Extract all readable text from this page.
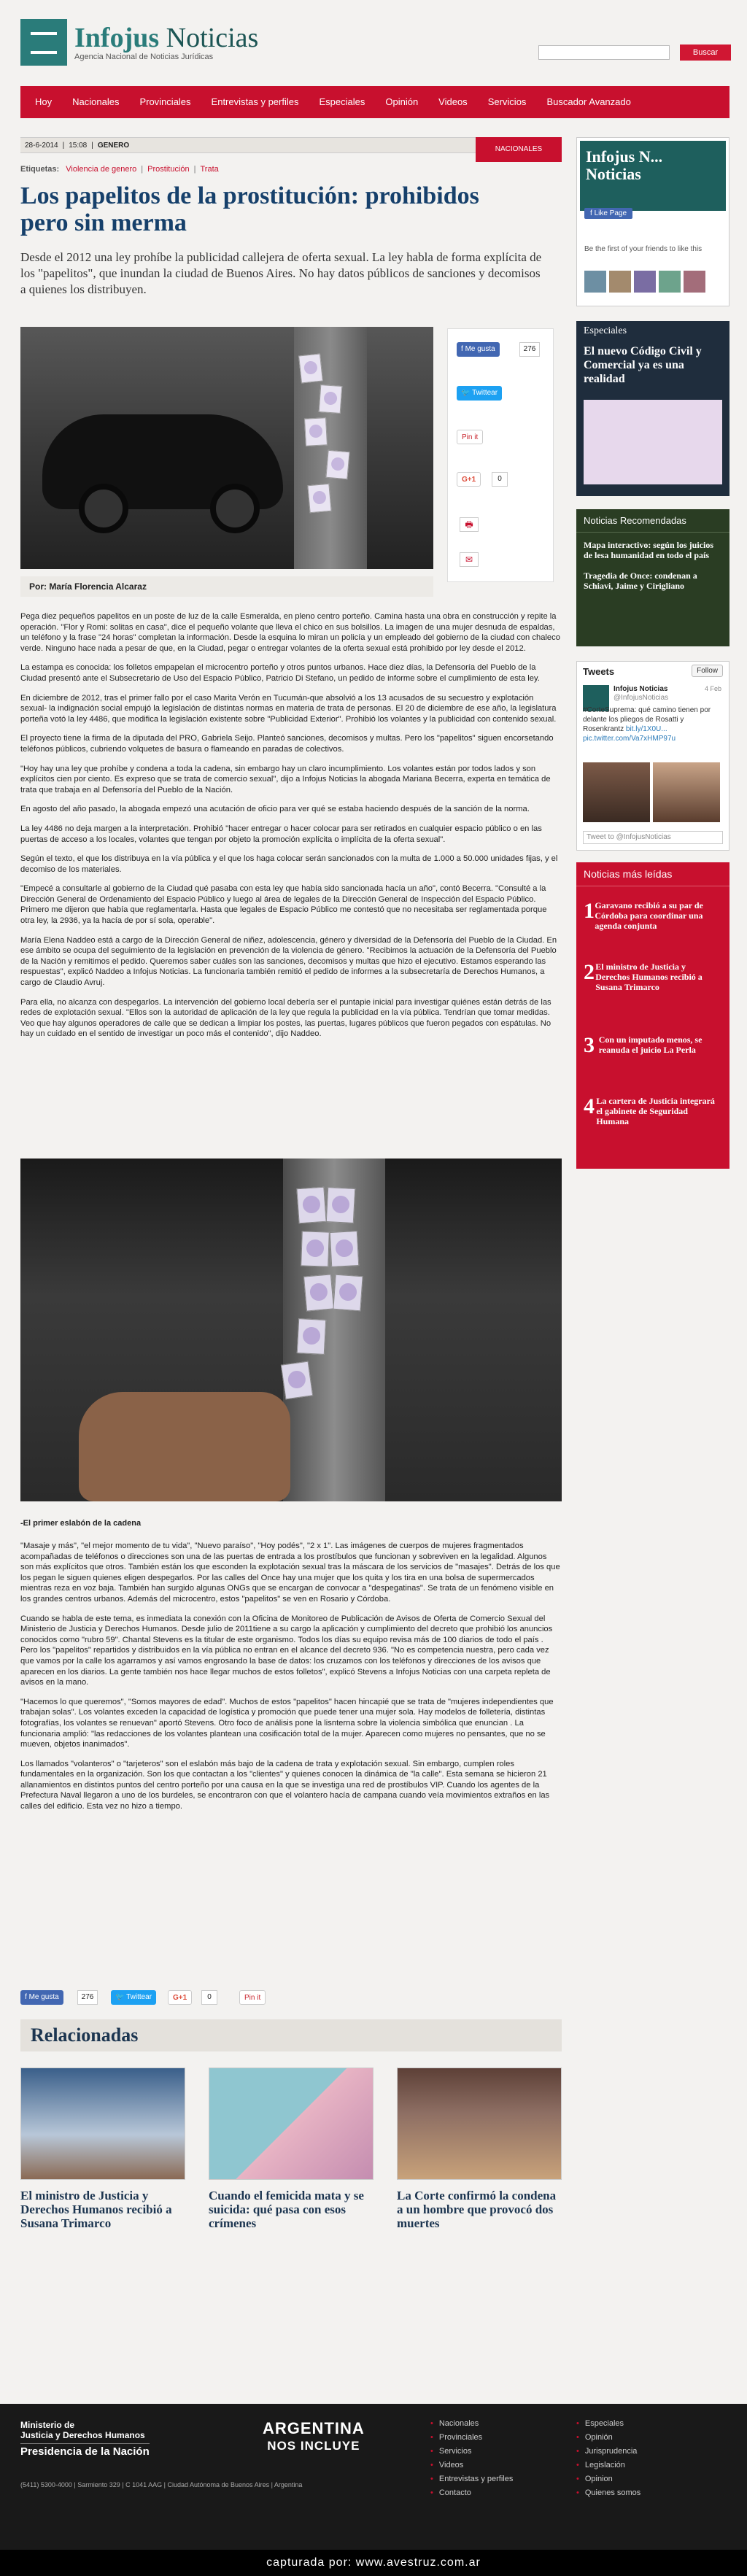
Infojus Noticias
Agencia Nacional de Noticias Jurídicas	Buscar
Hoy	Nacionales	Provinciales	Entrevistas y perfiles	Especiales	Opinión	Videos	Servicios	Buscador Avanzado
28-6-2014 | 15:08 | GENERO	NACIONALES
Etiquetas: Violencia de genero | Prostitución | Trata
Los papelitos de la prostitución: prohibidos pero sin merma

Desde el 2012 una ley prohíbe la publicidad callejera de oferta sexual. La ley habla de forma explícita de los "papelitos", que inundan la ciudad de Buenos Aires. No hay datos públicos de sanciones y decomisos a quienes los distribuyen.

Por: María Florencia Alcaraz
f Me gusta	276
🐦 Twittear
Pin it
G+1	0
🖶
✉

Pega diez pequeños papelitos en un poste de luz de la calle Esmeralda, en pleno centro porteño. Camina hasta una obra en construcción y repite la operación. "Flor y Romi: solitas en casa", dice el pequeño volante que lleva el chico en sus bolsillos. La imagen de una mujer desnuda de espaldas, un teléfono y la frase "24 horas" completan la información. Desde la esquina lo miran un policía y un empleado del gobierno de la ciudad con chaleco verde. Ninguno hace nada a pesar de que, en la Ciudad, pegar o entregar volantes de la oferta sexual está prohibido por ley desde el 2012.

La estampa es conocida: los folletos empapelan el microcentro porteño y otros puntos urbanos. Hace diez días, la Defensoría del Pueblo de la Ciudad presentó ante el Subsecretario de Uso del Espacio Público, Patricio Di Stefano, un pedido de informe sobre el cumplimiento de esta ley.

En diciembre de 2012, tras el primer fallo por el caso Marita Verón en Tucumán-que absolvió a los 13 acusados de su secuestro y explotación sexual- la indignación social empujó la legislación de distintas normas en materia de trata de personas. El 20 de diciembre de ese año, la legislatura porteña votó la ley 4486, que modifica la legislación existente sobre "Publicidad Exterior". Prohibió los volantes y la publicidad con contenido sexual.

El proyecto tiene la firma de la diputada del PRO, Gabriela Seijo. Planteó sanciones, decomisos y multas. Pero los "papelitos" siguen encorsetando teléfonos públicos, cubriendo volquetes de basura o flameando en paradas de colectivos.

"Hoy hay una ley que prohíbe y condena a toda la cadena, sin embargo hay un claro incumplimiento. Los volantes están por todos lados y son explícitos cien por ciento. Es expreso que se trata de comercio sexual", dijo a Infojus Noticias la abogada Mariana Becerra, experta en temática de trata que trabaja en al Defensoría del Pueblo de la Nación.

En agosto del año pasado, la abogada empezó una acutación de oficio para ver qué se estaba haciendo después de la sanción de la norma.

La ley 4486 no deja margen a la interpretación. Prohibió "hacer entregar o hacer colocar para ser retirados en cualquier espacio público o en las puertas de acceso a los locales, volantes que tengan por objeto la promoción explícita o implícita de la oferta sexual".

Según el texto, el que los distribuya en la vía pública y el que los haga colocar serán sancionados con la multa de 1.000 a 50.000 unidades fijas, y el decomiso de los materiales.

"Empecé a consultarle al gobierno de la Ciudad qué pasaba con esta ley que había sido sancionada hacía un año", contó Becerra. "Consulté a la Dirección General de Ordenamiento del Espacio Público y luego al área de legales de la Dirección General de Inspección del Espacio Público. Primero me dijeron que había que reglamentarla. Hasta que legales de Espacio Público me contestó que no necesitaba ser reglamentada porque otra ley, la 2936, ya la hacía de por sí sola, operable".

María Elena Naddeo está a cargo de la Dirección General de niñez, adolescencia, género y diversidad de la Defensoría del Pueblo de la Ciudad. En ese ámbito se ocupa del seguimiento de la legislación en prevención de la violencia de género. "Recibimos la actuación de la Defensoría del Pueblo de la Nación y remitimos el pedido. Queremos saber cuáles son las sanciones, decomisos y multas que hizo el ejecutivo. Estamos esperando las respuestas", explicó Naddeo a Infojus Noticias. La funcionaria también remitió el pedido de informes a la subsecretaría de Derechos Humanos, a cargo de Claudio Avruj.

Para ella, no alcanza con despegarlos. La intervención del gobierno local debería ser el puntapie inicial para investigar quiénes están detrás de las redes de explotación sexual. "Ellos son la autoridad de aplicación de la ley que regula la publicidad en la vía pública. Tendrían que tomar medidas. Veo que hay algunos operadores de calle que se dedican a limpiar los postes, las puertas, lugares públicos que fueron pegados con espátulas. No hay un cuidado en el sentido de investigar un poco más el contenido", dijo Naddeo.

-El primer eslabón de la cadena

"Masaje y más", "el mejor momento de tu vida", "Nuevo paraíso", "Hoy podés", "2 x 1". Las imágenes de cuerpos de mujeres fragmentados acompañadas de teléfonos o direcciones son una de las puertas de entrada a los prostíbulos que funcionan y sobreviven en la legalidad. Algunos son más explícitos que otros. También están los que esconden la explotación sexual tras la máscara de los servicios de "masajes". Detrás de los que los pegan le siguen quienes eligen despegarlos. Por las calles del Once hay una mujer que los quita y los tira en una bolsa de supermercados mientras reza en voz baja. También han surgido algunas ONGs que se encargan de convocar a "despegatinas". Se trata de un fenómeno visible en los grandes centros urbanos. Además del microcentro, estos "papelitos" se ven en Rosario y Córdoba.

Cuando se habla de este tema, es inmediata la conexión con la Oficina de Monitoreo de Publicación de Avisos de Oferta de Comercio Sexual del Ministerio de Justicia y Derechos Humanos. Desde julio de 2011tiene a su cargo la aplicación y cumplimiento del decreto que prohibió los anuncios conocidos como "rubro 59". Chantal Stevens es la titular de este organismo. Todos los días su equipo revisa más de 100 diarios de todo el país . Pero los "papelitos" repartidos y distribuidos en la vía pública no entran en el alcance del decreto 936. "No es competencia nuestra, pero cada vez que vamos por la calle los agarramos y así vamos engrosando la base de datos: los cruzamos con los teléfonos y direcciones de los avisos que aparecen en los diarios. La gente también nos hace llegar muchos de estos folletos", explicó Stevens a Infojus Noticias con una carpeta repleta de avisos en la mano.

"Hacemos lo que queremos", "Somos mayores de edad". Muchos de estos "papelitos" hacen hincapié que se trata de "mujeres independientes que trabajan solas". Los volantes exceden la capacidad de logística y promoción que puede tener una mujer sola. Hay modelos de folletería, distintas fotografías, los volantes se renuevan" aportó Stevens. Otro foco de análisis pone la lisnterna sobre la violencia simbólica que enuncian . La funcionaria amplió: "las redacciones de los volantes plantean una cosificación total de la mujer. Aparecen como mujeres no pensantes, que no se mueven, objetos inanimados".

Los llamados "volanteros" o "tarjeteros" son el eslabón más bajo de la cadena de trata y explotación sexual. Sin embargo, cumplen roles fundamentales en la organización. Son los que contactan a los "clientes" y quienes conocen la dinámica de "la calle". Esta semana se hicieron 21 allanamientos en distintos puntos del centro porteño por una causa en la que se investiga una red de prostíbulos VIP. Cuando los agentes de la Prefectura Naval llegaron a uno de los burdeles, se encontraron con que el volantero hacía de campana cuando veía movimientos extraños en las calles del edificio. Esta vez no hizo a tiempo.

f Me gusta	276	🐦 Twittear	G+1	0	Pin it
Relacionadas
El ministro de Justicia y Derechos Humanos recibió a Susana Trimarco
Cuando el femicida mata y se suicida: qué pasa con esos crímenes
La Corte confirmó la condena a un hombre que provocó dos muertes
Infojus N...
Noticias
f Like Page
Be the first of your friends to like this
Especiales
El nuevo Código Civil y Comercial ya es una realidad
Noticias Recomendadas
Mapa interactivo: según los juicios de lesa humanidad en todo el país
Tragedia de Once: condenan a Schiavi, Jaime y Cirigliano
Tweets	Follow
Infojus Noticias
@InfojusNoticias
4 Feb
#CorteSuprema: qué camino tienen por delante los pliegos de Rosatti y Rosenkrantz bit.ly/1X0U... pic.twitter.com/Va7xHMP97u
Tweet to @InfojusNoticias
Noticias más leídas
1 Garavano recibió a su par de Córdoba para coordinar una agenda conjunta
2 El ministro de Justicia y Derechos Humanos recibió a Susana Trimarco
3 Con un imputado menos, se reanuda el juicio La Perla
4 La cartera de Justicia integrará el gabinete de Seguridad Humana
Ministerio de
Justicia y Derechos Humanos
Presidencia de la Nación
ARGENTINA
NOS INCLUYE
(5411) 5300-4000 | Sarmiento 329 | C 1041 AAG | Ciudad Autónoma de Buenos Aires | Argentina
• Nacionales
• Provinciales
• Servicios
• Videos
• Entrevistas y perfiles
• Contacto
• Especiales
• Opinión
• Jurisprudencia
• Legislación
• Opinion
• Quienes somos
capturada por: www.avestruz.com.ar
